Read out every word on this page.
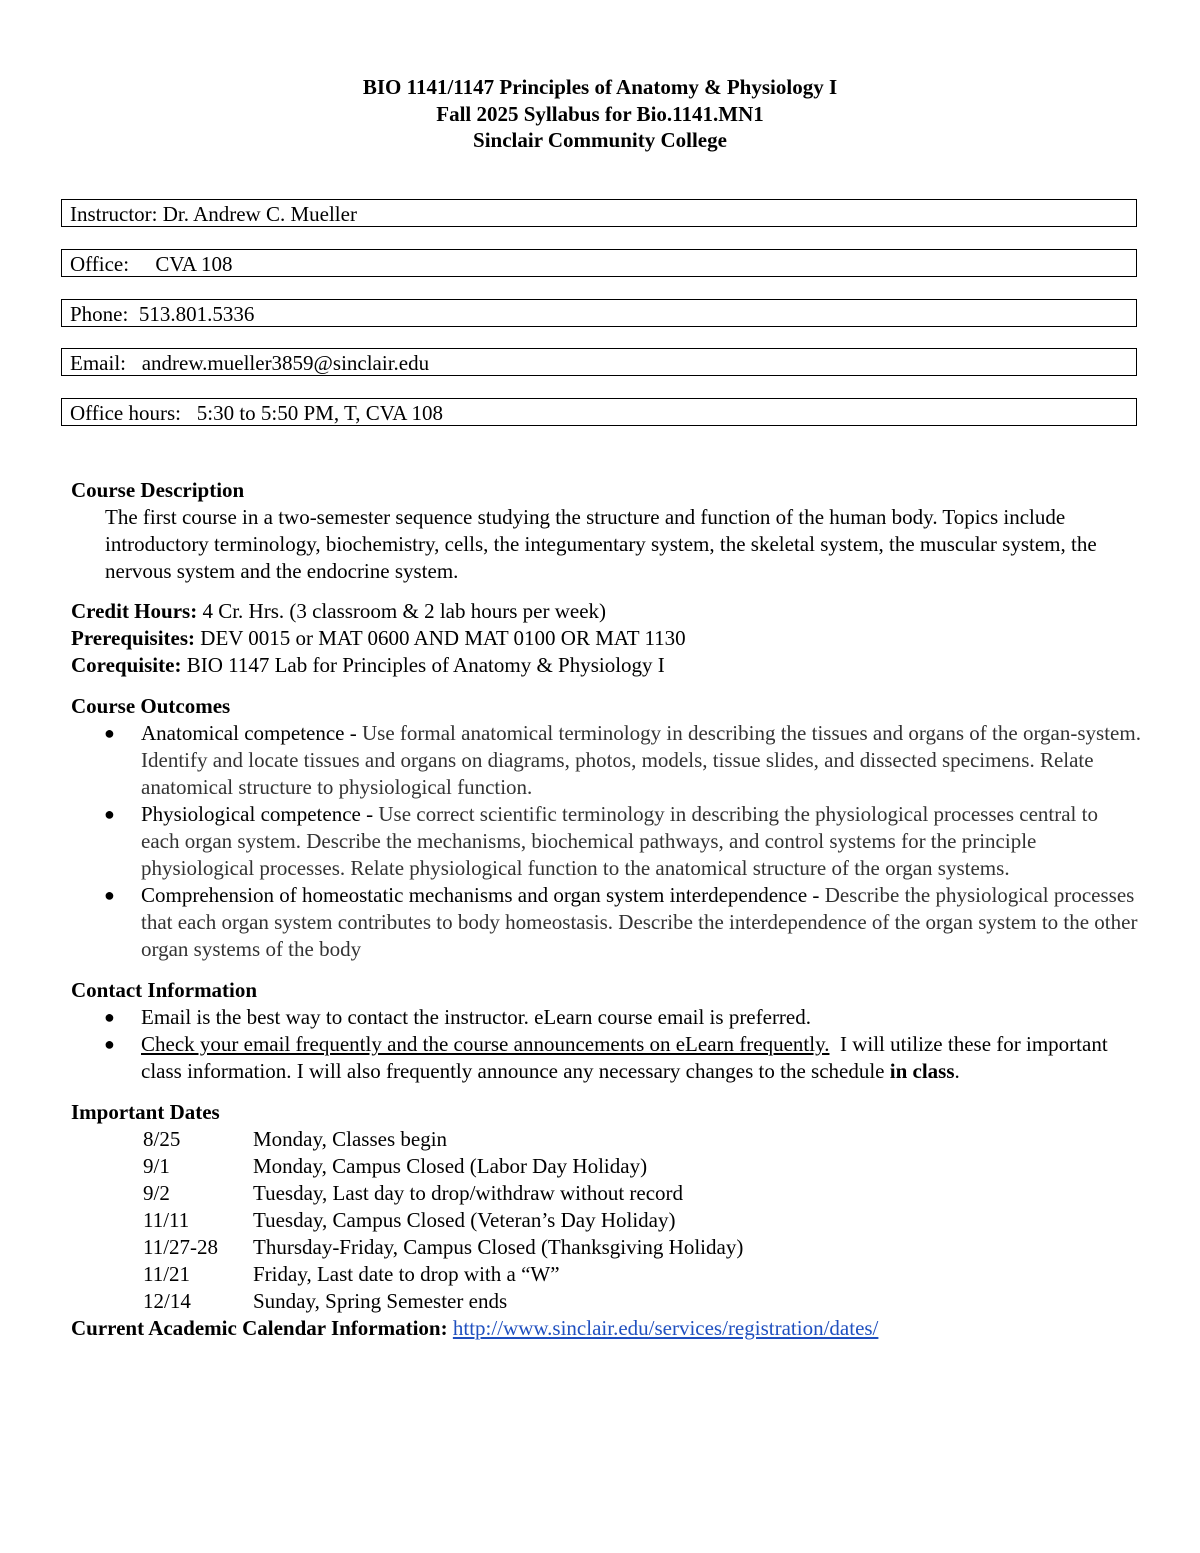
BIO 1141/1147 Principles of Anatomy & Physiology I
Fall 2025 Syllabus for Bio.1141.MN1
Sinclair Community College
Instructor: Dr. Andrew C. Mueller
Office:     CVA 108
Phone:  513.801.5336
Email:   andrew.mueller3859@sinclair.edu
Office hours:   5:30 to 5:50 PM, T, CVA 108
Course Description
The first course in a two-semester sequence studying the structure and function of the human body. Topics include introductory terminology, biochemistry, cells, the integumentary system, the skeletal system, the muscular system, the nervous system and the endocrine system.
Credit Hours: 4 Cr. Hrs. (3 classroom & 2 lab hours per week)
Prerequisites: DEV 0015 or MAT 0600 AND MAT 0100 OR MAT 1130
Corequisite: BIO 1147 Lab for Principles of Anatomy & Physiology I
Course Outcomes
● Anatomical competence - Use formal anatomical terminology in describing the tissues and organs of the organ-system. Identify and locate tissues and organs on diagrams, photos, models, tissue slides, and dissected specimens. Relate anatomical structure to physiological function.
● Physiological competence - Use correct scientific terminology in describing the physiological processes central to each organ system. Describe the mechanisms, biochemical pathways, and control systems for the principle physiological processes. Relate physiological function to the anatomical structure of the organ systems.
● Comprehension of homeostatic mechanisms and organ system interdependence - Describe the physiological processes that each organ system contributes to body homeostasis. Describe the interdependence of the organ system to the other organ systems of the body
Contact Information
● Email is the best way to contact the instructor. eLearn course email is preferred.
● Check your email frequently and the course announcements on eLearn frequently.  I will utilize these for important class information. I will also frequently announce any necessary changes to the schedule in class.
Important Dates
8/25	Monday, Classes begin
9/1	Monday, Campus Closed (Labor Day Holiday)
9/2	Tuesday, Last day to drop/withdraw without record
11/11	Tuesday, Campus Closed (Veteran’s Day Holiday)
11/27-28	Thursday-Friday, Campus Closed (Thanksgiving Holiday)
11/21	Friday, Last date to drop with a “W”
12/14	Sunday, Spring Semester ends
Current Academic Calendar Information: http://www.sinclair.edu/services/registration/dates/
